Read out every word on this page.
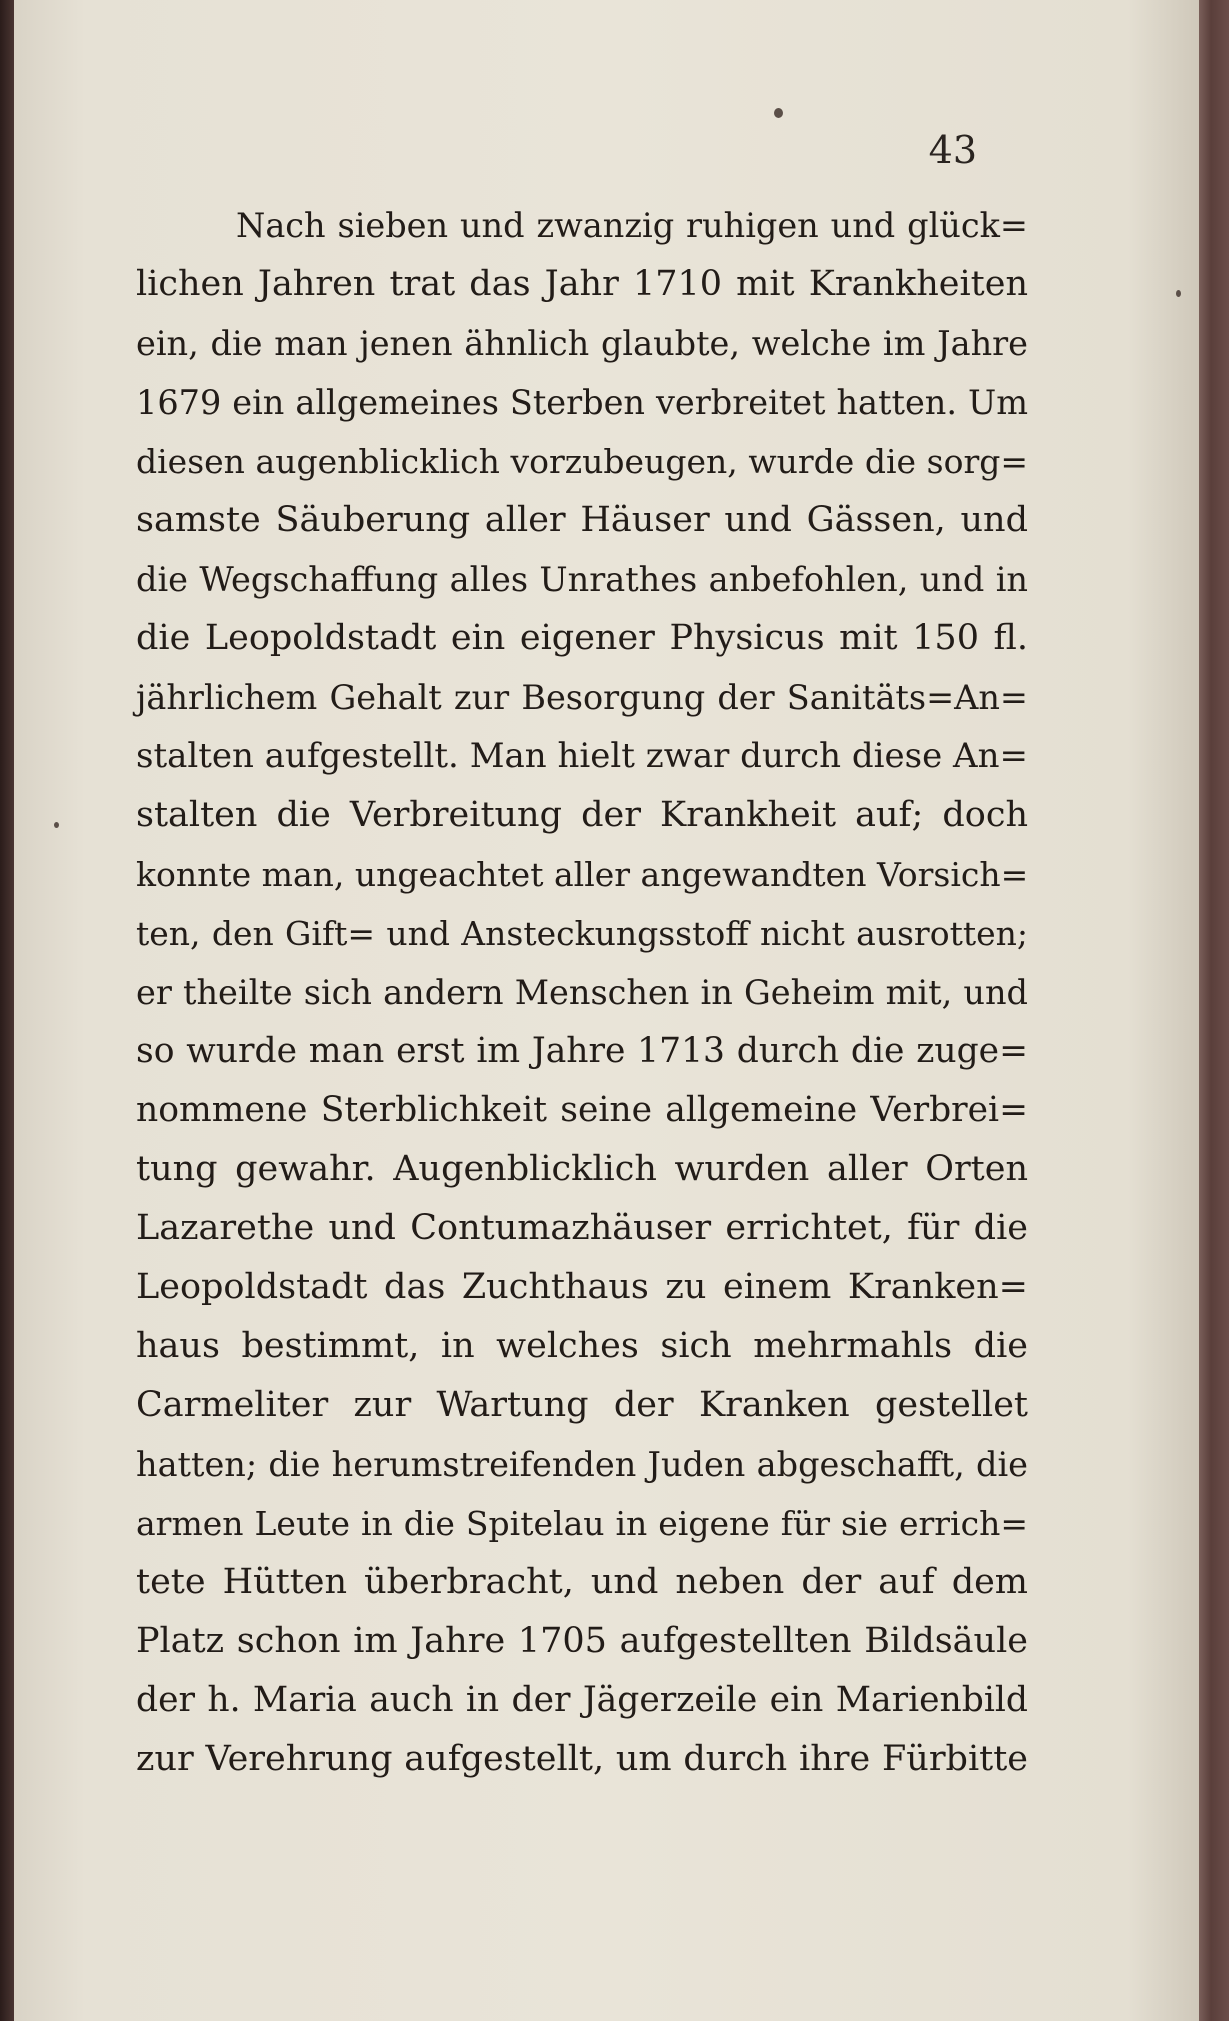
43
Nach sieben und zwanzig ruhigen und glück=
lichen Jahren trat das Jahr 1710 mit Krankheiten
ein, die man jenen ähnlich glaubte, welche im Jahre
1679 ein allgemeines Sterben verbreitet hatten. Um
diesen augenblicklich vorzubeugen, wurde die sorg=
samste Säuberung aller Häuser und Gässen, und
die Wegschaffung alles Unrathes anbefohlen, und in
die Leopoldstadt ein eigener Physicus mit 150 fl.
jährlichem Gehalt zur Besorgung der Sanitäts=An=
stalten aufgestellt. Man hielt zwar durch diese An=
stalten die Verbreitung der Krankheit auf; doch
konnte man, ungeachtet aller angewandten Vorsich=
ten, den Gift= und Ansteckungsstoff nicht ausrotten;
er theilte sich andern Menschen in Geheim mit, und
so wurde man erst im Jahre 1713 durch die zuge=
nommene Sterblichkeit seine allgemeine Verbrei=
tung gewahr. Augenblicklich wurden aller Orten
Lazarethe und Contumazhäuser errichtet, für die
Leopoldstadt das Zuchthaus zu einem Kranken=
haus bestimmt, in welches sich mehrmahls die
Carmeliter zur Wartung der Kranken gestellet
hatten; die herumstreifenden Juden abgeschafft, die
armen Leute in die Spitelau in eigene für sie errich=
tete Hütten überbracht, und neben der auf dem
Platz schon im Jahre 1705 aufgestellten Bildsäule
der h. Maria auch in der Jägerzeile ein Marienbild
zur Verehrung aufgestellt, um durch ihre Fürbitte
